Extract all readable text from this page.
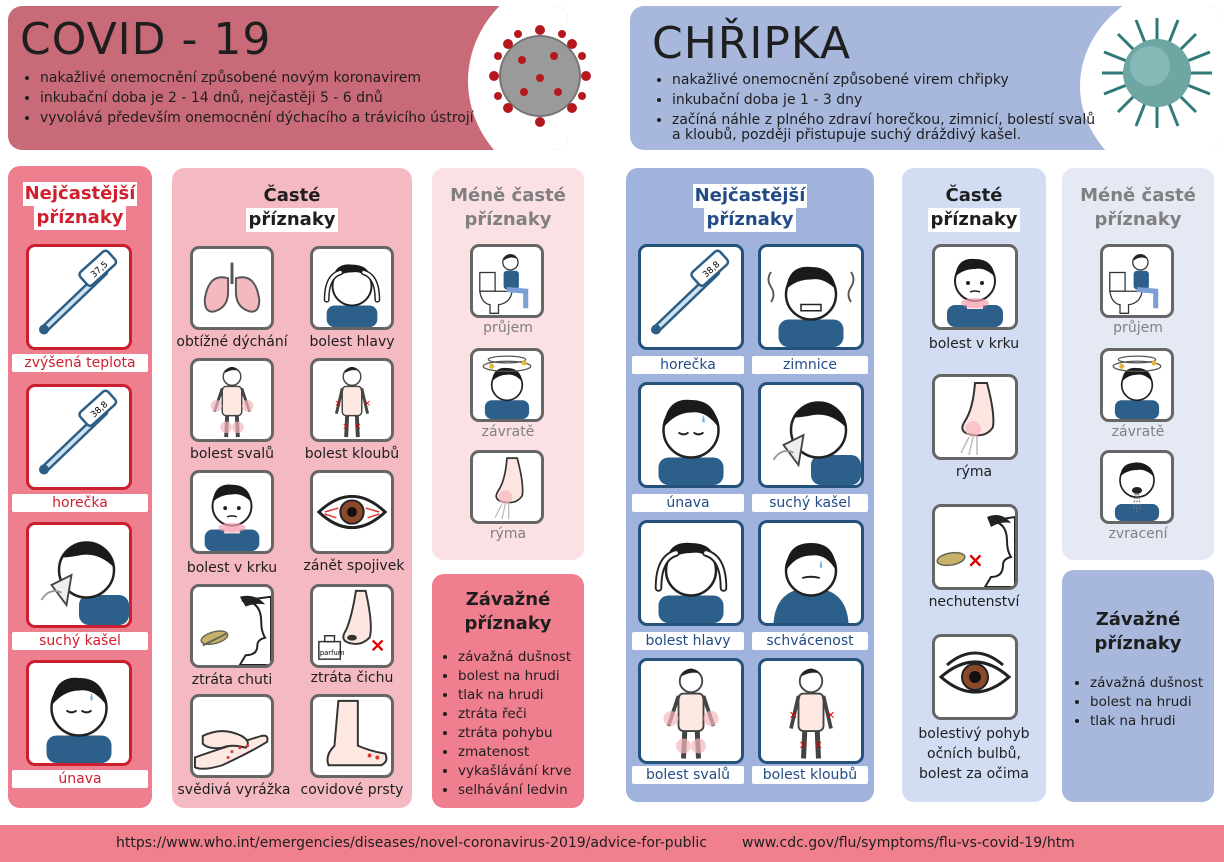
COVID - 19
• nakažlivé onemocnění způsobené novým koronavirem
• inkubační doba je 2 - 14 dnů, nejčastěji 5 - 6 dnů
• vyvolává především onemocnění dýchacího a trávicího ústrojí
CHŘIPKA
• nakažlivé onemocnění způsobené virem chřipky
• inkubační doba je 1 - 3 dny
• začíná náhle z plného zdraví horečkou, zimnicí, bolestí svalů
a kloubů, později přistupuje suchý dráždivý kašel.
Nejčastější
příznaky
37,5
zvýšená teplota
38,8
horečka
suchý kašel
únava
Časté
příznaky
obtížné dýchání	bolest hlavy
bolest svalů	bolest kloubů
bolest v krku	zánět spojivek
ztráta chuti
parfum
ztráta čichu
svědivá vyrážka covidové prsty
Méně časté
příznaky
průjem
závratě
rýma
Závažné
příznaky
• závažná dušnost
• bolest na hrudi
• tlak na hrudi
• ztráta řeči
• ztráta pohybu
• zmatenost
• vykašlávání krve
• selhávání ledvin
Nejčastější
příznaky
38,8
horečka	zimnice
únava	suchý kašel
bolest hlavy	schvácenost
bolest svalů	bolest kloubů
Časté
příznaky
bolest v krku
rýma
nechutenství
bolestivý pohyb
očních bulbů,
bolest za očima
Méně časté
příznaky
průjem
závratě
zvracení
Závažné
příznaky
• závažná dušnost
• bolest na hrudi
• tlak na hrudi
https://www.who.int/emergencies/diseases/novel-coronavirus-2019/advice-for-public	www.cdc.gov/flu/symptoms/flu-vs-covid-19/htm
